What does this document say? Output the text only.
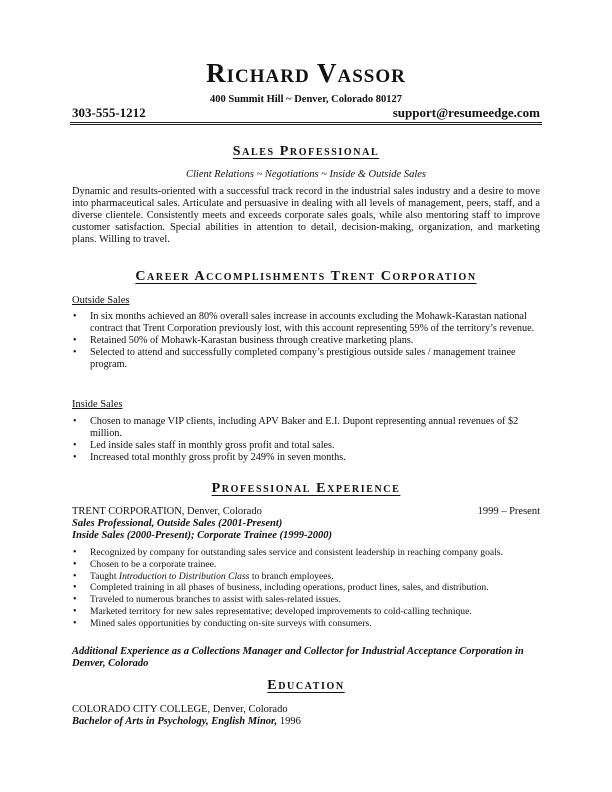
Richard Vassor
400 Summit Hill ~ Denver, Colorado 80127
303-555-1212	support@resumeedge.com
Sales Professional
Client Relations ~ Negotiations ~ Inside & Outside Sales
Dynamic and results-oriented with a successful track record in the industrial sales industry and a desire to move into pharmaceutical sales. Articulate and persuasive in dealing with all levels of management, peers, staff, and a diverse clientele. Consistently meets and exceeds corporate sales goals, while also mentoring staff to improve customer satisfaction. Special abilities in attention to detail, decision-making, organization, and marketing plans. Willing to travel.
Career Accomplishments Trent Corporation
Outside Sales
• In six months achieved an 80% overall sales increase in accounts excluding the Mohawk-Karastan national contract that Trent Corporation previously lost, with this account representing 59% of the territory’s revenue.
• Retained 50% of Mohawk-Karastan business through creative marketing plans.
• Selected to attend and successfully completed company’s prestigious outside sales / management trainee program.
Inside Sales
• Chosen to manage VIP clients, including APV Baker and E.I. Dupont representing annual revenues of $2 million.
• Led inside sales staff in monthly gross profit and total sales.
• Increased total monthly gross profit by 249% in seven months.
Professional Experience
TRENT CORPORATION, Denver, Colorado	1999 – Present
Sales Professional, Outside Sales (2001-Present)
Inside Sales (2000-Present); Corporate Trainee (1999-2000)
• Recognized by company for outstanding sales service and consistent leadership in reaching company goals.
• Chosen to be a corporate trainee.
• Taught Introduction to Distribution Class to branch employees.
• Completed training in all phases of business, including operations, product lines, sales, and distribution.
• Traveled to numerous branches to assist with sales-related issues.
• Marketed territory for new sales representative; developed improvements to cold-calling technique.
• Mined sales opportunities by conducting on-site surveys with consumers.
Additional Experience as a Collections Manager and Collector for Industrial Acceptance Corporation in Denver, Colorado
Education
COLORADO CITY COLLEGE, Denver, Colorado
Bachelor of Arts in Psychology, English Minor, 1996
